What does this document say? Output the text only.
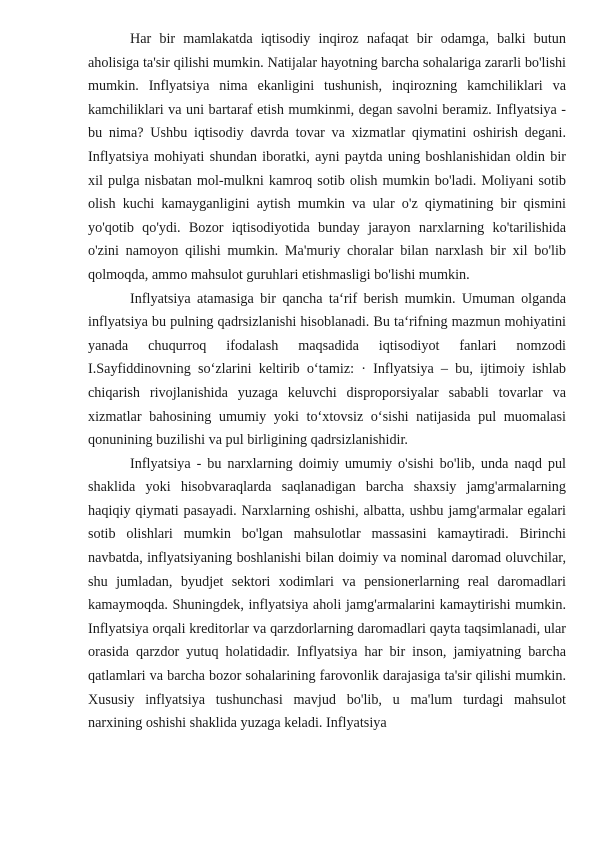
Har bir mamlakatda iqtisodiy inqiroz nafaqat bir odamga, balki butun aholisiga ta'sir qilishi mumkin. Natijalar hayotning barcha sohalariga zararli bo'lishi mumkin. Inflyatsiya nima ekanligini tushunish, inqirozning kamchiliklari va kamchiliklari va uni bartaraf etish mumkinmi, degan savolni beramiz. Inflyatsiya - bu nima? Ushbu iqtisodiy davrda tovar va xizmatlar qiymatini oshirish degani. Inflyatsiya mohiyati shundan iboratki, ayni paytda uning boshlanishidan oldin bir xil pulga nisbatan mol-mulkni kamroq sotib olish mumkin bo'ladi. Moliyani sotib olish kuchi kamayganligini aytish mumkin va ular o'z qiymatining bir qismini yo'qotib qo'ydi. Bozor iqtisodiyotida bunday jarayon narxlarning ko'tarilishida o'zini namoyon qilishi mumkin. Ma'muriy choralar bilan narxlash bir xil bo'lib qolmoqda, ammo mahsulot guruhlari etishmasligi bo'lishi mumkin.

Inflyatsiya atamasiga bir qancha ta‘rif berish mumkin. Umuman olganda inflyatsiya bu pulning qadrsizlanishi hisoblanadi. Bu ta‘rifning mazmun mohiyatini yanada chuqurroq ifodalash maqsadida iqtisodiyot fanlari nomzodi I.Sayfiddinovning so‘zlarini keltirib o‘tamiz: · Inflyatsiya – bu, ijtimoiy ishlab chiqarish rivojlanishida yuzaga keluvchi disproporsiyalar sababli tovarlar va xizmatlar bahosining umumiy yoki to‘xtovsiz o‘sishi natijasida pul muomalasi qonunining buzilishi va pul birligining qadrsizlanishidir.

Inflyatsiya - bu narxlarning doimiy umumiy o'sishi bo'lib, unda naqd pul shaklida yoki hisobvaraqlarda saqlanadigan barcha shaxsiy jamg'armalarning haqiqiy qiymati pasayadi. Narxlarning oshishi, albatta, ushbu jamg'armalar egalari sotib olishlari mumkin bo'lgan mahsulotlar massasini kamaytiradi. Birinchi navbatda, inflyatsiyaning boshlanishi bilan doimiy va nominal daromad oluvchilar, shu jumladan, byudjet sektori xodimlari va pensionerlarning real daromadlari kamaymoqda. Shuningdek, inflyatsiya aholi jamg'armalarini kamaytirishi mumkin. Inflyatsiya orqali kreditorlar va qarzdorlarning daromadlari qayta taqsimlanadi, ular orasida qarzdor yutuq holatidadir. Inflyatsiya har bir inson, jamiyatning barcha qatlamlari va barcha bozor sohalarining farovonlik darajasiga ta'sir qilishi mumkin. Xususiy inflyatsiya tushunchasi mavjud bo'lib, u ma'lum turdagi mahsulot narxining oshishi shaklida yuzaga keladi. Inflyatsiya
